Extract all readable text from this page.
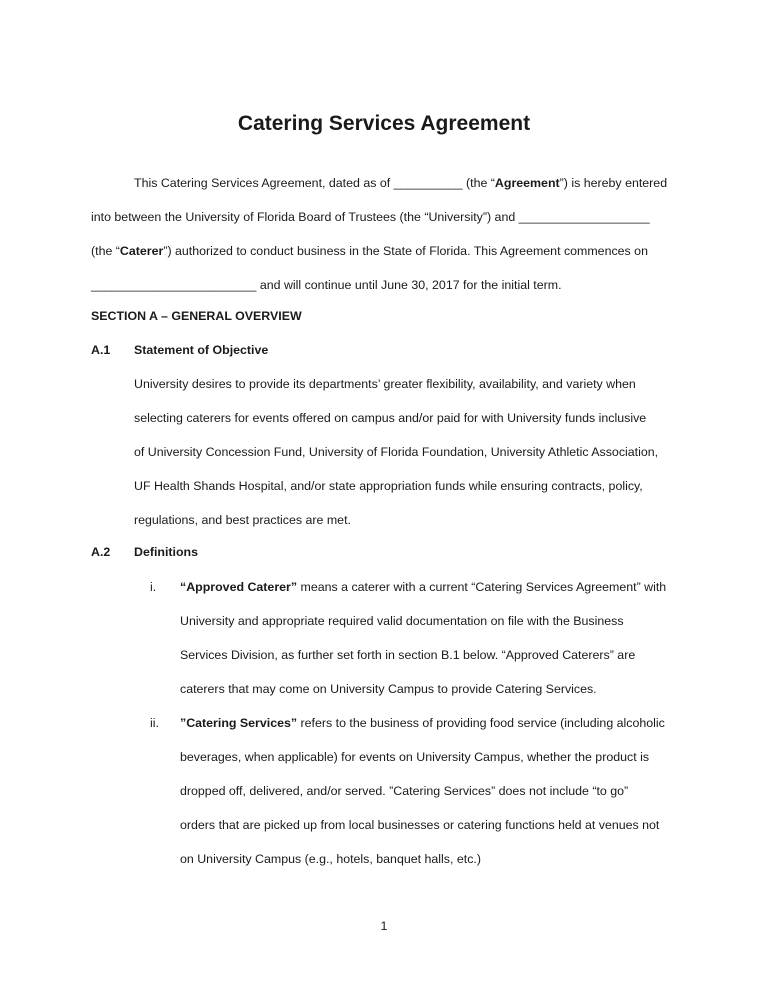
Catering Services Agreement
This Catering Services Agreement, dated as of __________ (the “Agreement”) is hereby entered
into between the University of Florida Board of Trustees (the “University”) and ___________________
(the “Caterer”) authorized to conduct business in the State of Florida. This Agreement commences on
________________________ and will continue until June 30, 2017 for the initial term.
SECTION A – GENERAL OVERVIEW
A.1 Statement of Objective
University desires to provide its departments’ greater flexibility, availability, and variety when
selecting caterers for events offered on campus and/or paid for with University funds inclusive
of University Concession Fund, University of Florida Foundation, University Athletic Association,
UF Health Shands Hospital, and/or state appropriation funds while ensuring contracts, policy,
regulations, and best practices are met.
A.2 Definitions
i. “Approved Caterer” means a caterer with a current “Catering Services Agreement” with
University and appropriate required valid documentation on file with the Business
Services Division, as further set forth in section B.1 below. “Approved Caterers” are
caterers that may come on University Campus to provide Catering Services.
ii. ”Catering Services” refers to the business of providing food service (including alcoholic
beverages, when applicable) for events on University Campus, whether the product is
dropped off, delivered, and/or served. ”Catering Services” does not include “to go”
orders that are picked up from local businesses or catering functions held at venues not
on University Campus (e.g., hotels, banquet halls, etc.)
1
